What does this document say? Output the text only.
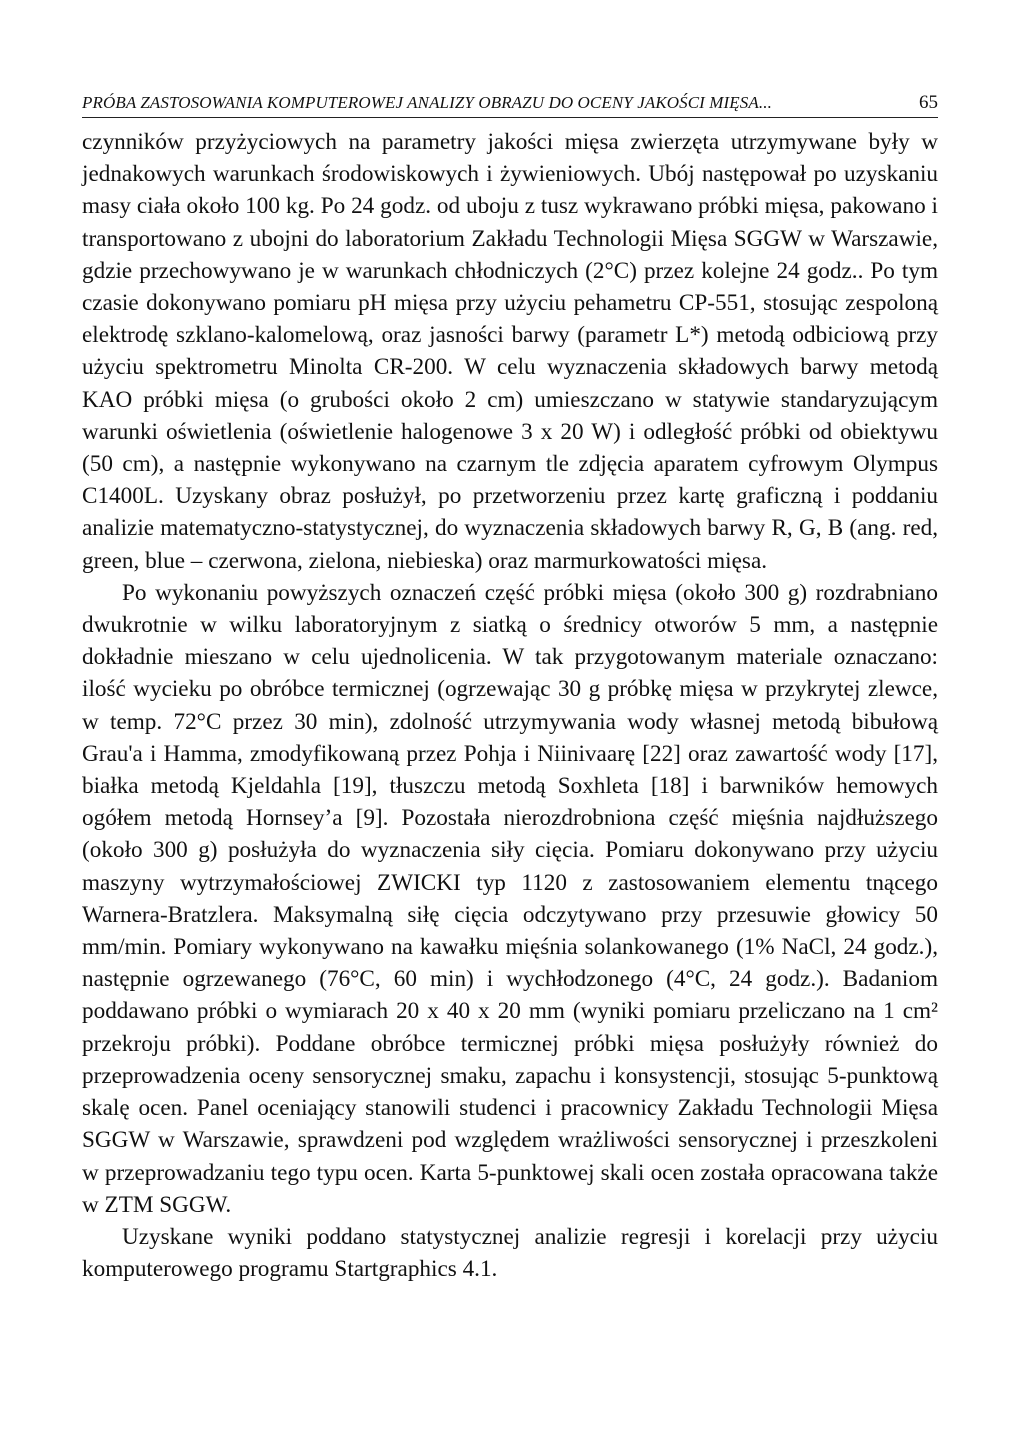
PRÓBA ZASTOSOWANIA KOMPUTEROWEJ ANALIZY OBRAZU DO OCENY JAKOŚCI MIĘSA...	65

czynników przyżyciowych na parametry jakości mięsa zwierzęta utrzymywane były w jednakowych warunkach środowiskowych i żywieniowych. Ubój następował po uzyskaniu masy ciała około 100 kg. Po 24 godz. od uboju z tusz wykrawano próbki mięsa, pakowano i transportowano z ubojni do laboratorium Zakładu Technologii Mięsa SGGW w Warszawie, gdzie przechowywano je w warunkach chłodniczych (2°C) przez kolejne 24 godz.. Po tym czasie dokonywano pomiaru pH mięsa przy użyciu pehametru CP-551, stosując zespoloną elektrodę szklano-kalomelową, oraz jasności barwy (parametr L*) metodą odbiciową przy użyciu spektrometru Minolta CR-200. W celu wyznaczenia składowych barwy metodą KAO próbki mięsa (o grubości około 2 cm) umieszczano w statywie standaryzującym warunki oświetlenia (oświetlenie halogenowe 3 x 20 W) i odległość próbki od obiektywu (50 cm), a następnie wykonywano na czarnym tle zdjęcia aparatem cyfrowym Olympus C1400L. Uzyskany obraz posłużył, po przetworzeniu przez kartę graficzną i poddaniu analizie matematyczno-statystycznej, do wyznaczenia składowych barwy R, G, B (ang. red, green, blue – czerwona, zielona, niebieska) oraz marmurkowatości mięsa.

Po wykonaniu powyższych oznaczeń część próbki mięsa (około 300 g) rozdrabniano dwukrotnie w wilku laboratoryjnym z siatką o średnicy otworów 5 mm, a następnie dokładnie mieszano w celu ujednolicenia. W tak przygotowanym materiale oznaczano: ilość wycieku po obróbce termicznej (ogrzewając 30 g próbkę mięsa w przykrytej zlewce, w temp. 72°C przez 30 min), zdolność utrzymywania wody własnej metodą bibułową Grau'a i Hamma, zmodyfikowaną przez Pohja i Niinivaarę [22] oraz zawartość wody [17], białka metodą Kjeldahla [19], tłuszczu metodą Soxhleta [18] i barwników hemowych ogółem metodą Hornsey’a [9]. Pozostała nierozdrobniona część mięśnia najdłuższego (około 300 g) posłużyła do wyznaczenia siły cięcia. Pomiaru dokonywano przy użyciu maszyny wytrzymałościowej ZWICKI typ 1120 z zastosowaniem elementu tnącego Warnera-Bratzlera. Maksymalną siłę cięcia odczytywano przy przesuwie głowicy 50 mm/min. Pomiary wykonywano na kawałku mięśnia solankowanego (1% NaCl, 24 godz.), następnie ogrzewanego (76°C, 60 min) i wychłodzonego (4°C, 24 godz.). Badaniom poddawano próbki o wymiarach 20 x 40 x 20 mm (wyniki pomiaru przeliczano na 1 cm² przekroju próbki). Poddane obróbce termicznej próbki mięsa posłużyły również do przeprowadzenia oceny sensorycznej smaku, zapachu i konsystencji, stosując 5-punktową skalę ocen. Panel oceniający stanowili studenci i pracownicy Zakładu Technologii Mięsa SGGW w Warszawie, sprawdzeni pod względem wrażliwości sensorycznej i przeszkoleni w przeprowadzaniu tego typu ocen. Karta 5-punktowej skali ocen została opracowana także w ZTM SGGW.

Uzyskane wyniki poddano statystycznej analizie regresji i korelacji przy użyciu komputerowego programu Startgraphics 4.1.
